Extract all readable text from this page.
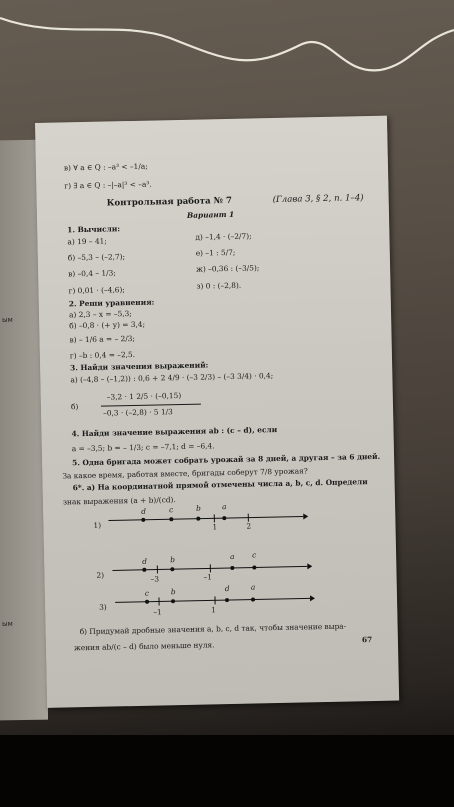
ым
ым
в) ∀ a ∈ Q : –a³ < –1/a;
г) ∃ a ∈ Q : –|–a|³ < –a³.
Контрольная работа № 7	(Глава 3, § 2, п. 1–4)
Вариант 1
1. Вычисли:
а) 19 – 41;
б) –5,3 – (–2,7);
в) –0,4 – 1/3;
г) 0,01 · (–4,6);
д) –1,4 · (–2/7);
е) –1 : 5/7;
ж) –0,36 : (–3/5);
з) 0 : (–2,8).
2. Реши уравнения:
а) 2,3 – x = –5,3;
б) –0,8 · (+ y) = 3,4;
в) – 1/6 a = – 2/3;
г) –b : 0,4 = –2,5.
3. Найди значения выражений:
а) (–4,8 – (–1,2)) : 0,6 + 2 4/9 · (–3 2/3) – (–3 3/4) · 0,4;
б)
–3,2 · 1 2/5 · (–0,15)
–0,3 · (–2,8) · 5 1/3
4. Найди значение выражения ab : (c – d), если
a = –3,5; b = – 1/3; c = –7,1; d = –6,4.
5. Одна бригада может собрать урожай за 8 дней, а другая – за 6 дней.
За какое время, работая вместе, бригады соберут 7/8 урожая?
6*. а) На координатной прямой отмечены числа a, b, c, d. Определи
знак выражения (a + b)/(cd).
1)
d	c	b	a
1	2
2)
d	b	a c
–3	–1
3)
c	b	d	a
–1	1
б) Придумай дробные значения a, b, c, d так, чтобы значение выра-
жения ab/(c – d) было меньше нуля.
67
